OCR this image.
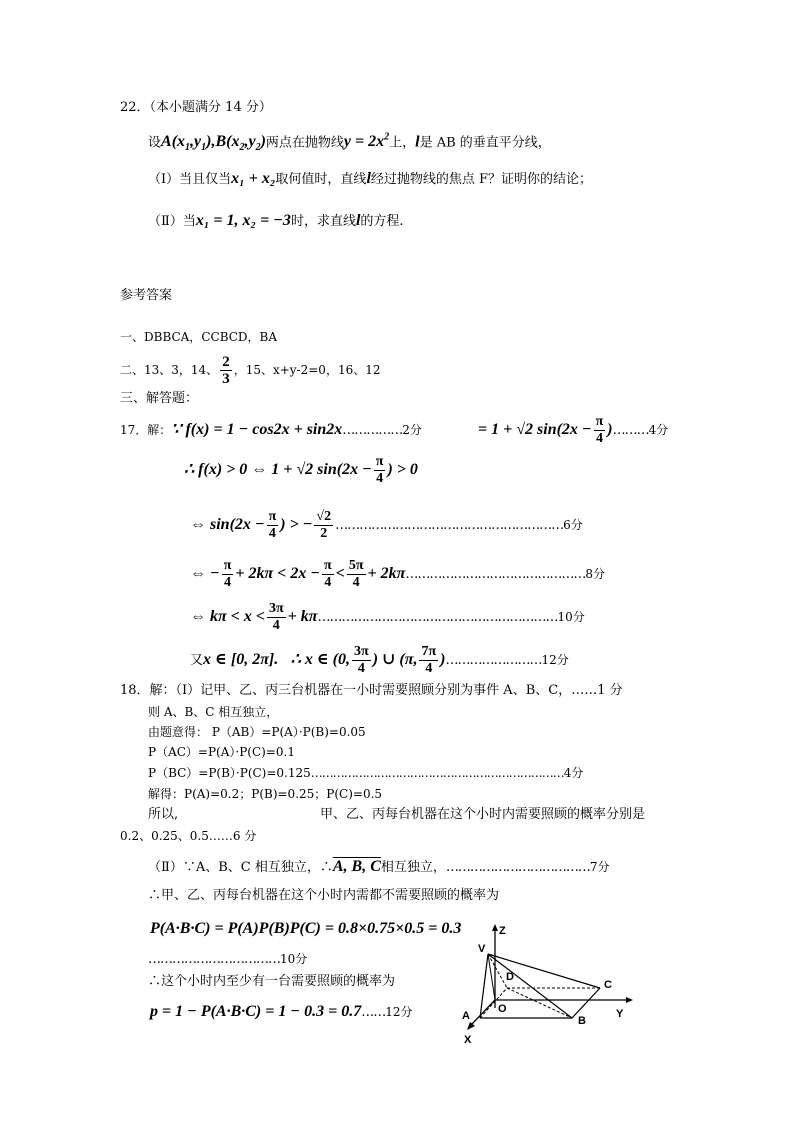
22．（本小题满分 14 分）
设$A(x_1,y_1),B(x_2,y_2)$两点在抛物线$y = 2x^2$上，l是 AB 的垂直平分线，
（Ⅰ）当且仅当x₁ + x₂取何值时，直线l经过抛物线的焦点 F？证明你的结论；
（Ⅱ）当x₁ = 1, x₂ = −3时，求直线l的方程.
参考答案
一、DBBCA，CCBCD，BA
二、13、3，14、 $\frac{2}{3}$ ，15、x+y-2=0，16、12
三、解答题：
17．解：∵ f(x) = 1 − cos2x + sin2x……………2分	= 1 + √2 $\sin(2x - \frac{\pi}{4}$ )………4分
∴ f(x) > 0 ⇔ 1 + √2 $\sin(2x - \frac{\pi}{4}$ ) > 0
⇔ $\sin(2x - \frac{\pi}{4}$ ) > − $\frac{√2}{2}$ …………………………………………………6分
⇔ − $\frac{\pi}{4} + 2k\pi < 2x - \frac{\pi}{4} < \frac{5\pi}{4}$ + 2kπ………………………………………8分
⇔ $k\pi < x < \frac{3\pi}{4}$ + kπ……………………………………………………10分
又x ∈ [0, 2π]. ∴ x ∈ (0, $\frac{3\pi}{4}$ ) ∪ (π, $\frac{7\pi}{4}$ )……………………12分
18．解：（Ⅰ）记甲、乙、丙三台机器在一小时需要照顾分别为事件 A、B、C，……1 分
则 A、B、C 相互独立，
由题意得： P（AB）=P(A）·P(B)=0.05
P（AC）=P(A）·P(C)=0.1
P（BC）=P(B）·P(C)=0.125……………………………………………………………4分
解得：P(A)=0.2；P(B)=0.25；P(C)=0.5
所以,	甲、乙、丙每台机器在这个小时内需要照顾的概率分别是
0.2、0.25、0.5……6 分
（Ⅱ）∵A、B、C 相互独立，∴A, B, C相互独立，………………………………7分
∴甲、乙、丙每台机器在这个小时内需都不需要照顾的概率为
P(A·B·C) = P(A)P(B)P(C) = 0.8×0.75×0.5 = 0.3
……………………………10分
∴这个小时内至少有一台需要照顾的概率为
p = 1 − P(A·B·C) = 1 − 0.3 = 0.7……12分
Z
V
D
C
O	Y
A	B
X
